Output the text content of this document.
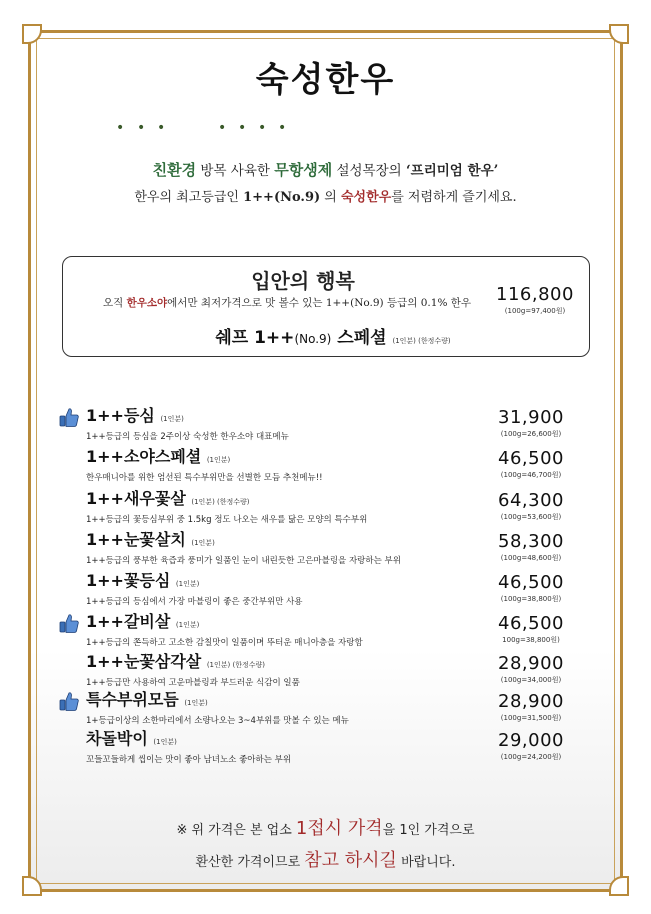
숙성한우
• • •	• • • •
친환경 방목 사육한 무항생제 설성목장의 ‘프리미엄 한우’
한우의 최고등급인 1++(No.9) 의 숙성한우를 저렴하게 즐기세요.
입안의 행복
오직 한우소야에서만 최저가격으로 맛 볼수 있는 1++(No.9) 등급의 0.1% 한우
쉐프 1++(No.9) 스페셜 (1인분) (한정수량)
116,800
(100g=97,400원)
1++등심 (1인분)
1++등급의 등심을 2주이상 숙성한 한우소야 대표메뉴
31,900
(100g=26,600원)
1++소야스페셜 (1인분)
한우매니아를 위한 엄선된 특수부위만을 선별한 모듬 추천메뉴!!
46,500
(100g=46,700원)
1++새우꽃살 (1인분) (한정수량)
1++등급의 꽃등심부위 중 1.5kg 정도 나오는 새우를 닮은 모양의 특수부위
64,300
(100g=53,600원)
1++눈꽃살치 (1인분)
1++등급의 풍부한 육즙과 풍미가 일품인 눈이 내린듯한 고은마블링을 자랑하는 부위
58,300
(100g=48,600원)
1++꽃등심 (1인분)
1++등급의 등심에서 가장 마블링이 좋은 중간부위만 사용
46,500
(100g=38,800원)
1++갈비살 (1인분)
1++등급의 쫀득하고 고소한 감칠맛이 일품이며 뚜터운 매니아층을 자랑함
46,500
100g=38,800원)
1++눈꽃삼각살 (1인분) (한정수량)
1++등급만 사용하여 고운마블링과 부드러운 식감이 일품
28,900
(100g=34,000원)
특수부위모듬 (1인분)
1+등급이상의 소한마리에서 소량나오는 3~4부위를 맛볼 수 있는 메뉴
28,900
(100g=31,500원)
차돌박이 (1인분)
꼬들꼬들하게 씹이는 맛이 좋아 남녀노소 좋아하는 부위
29,000
(100g=24,200원)
※ 위 가격은 본 업소 1접시 가격을 1인 가격으로
환산한 가격이므로 참고 하시길 바랍니다.
